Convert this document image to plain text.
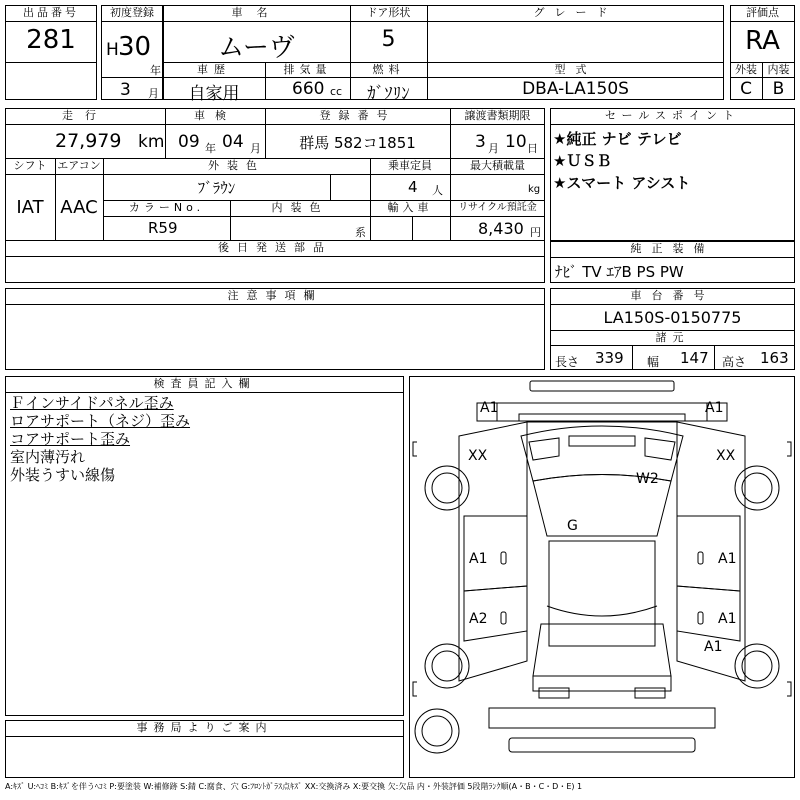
出品番号
281
初度登録
H 30
年
3 月
車名
ムーヴ
ドア形状
5
グレード
車歴
自家用
排気量
660 cc
燃料
ｶﾞｿﾘﾝ
型式
DBA-LA150S
評価点
RA
外装 内装
C	B
走行
27,979 km
車検
09 年 04 月
登録番号
群馬 582コ1851
譲渡書類期限
3 月 10 日
シフト
IAT
エアコン
AAC
外装色
ﾌﾞﾗｳﾝ
乗車定員
4 人
最大積載量
kg
カラーNo.
R59
内装色
系
輸入車	リサイクル預託金
8,430 円
後日発送部品
セールスポイント
★純正 ナビ テレビ
★ＵＳＢ
★スマート アシスト
純正装備
ﾅﾋﾞ TV ｴｱB PS PW
注意事項欄	車台番号
LA150S-0150775
諸元
長さ 339 幅 147 高さ 163
検査員記入欄
Ｆインサイドパネル歪み
ロアサポート（ネジ）歪み
コアサポート歪み
室内薄汚れ
外装うすい線傷
事務局よりご案内
A1	A1
XX	XX
W2
G
A1	A1
A2	A1
A1
A:ｷｽﾞ U:ﾍｺﾐ B:ｷｽﾞを伴うﾍｺﾐ P:要塗装 W:補修跡 S:錆 C:腐食、穴 G:ﾌﾛﾝﾄｶﾞﾗｽ点ｷｽﾞ XX:交換済み X:要交換 欠:欠品 内・外装評価 5段階ﾗﾝｸ順(A・B・C・D・E) 1
